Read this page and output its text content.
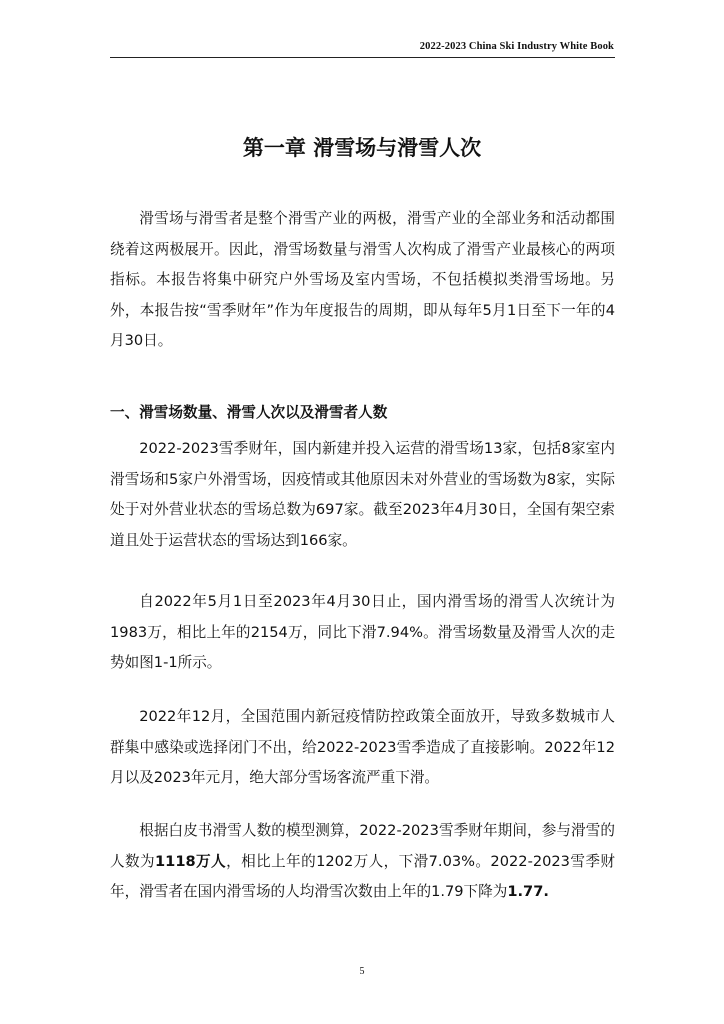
2022-2023 China Ski Industry White Book
第一章 滑雪场与滑雪人次

滑雪场与滑雪者是整个滑雪产业的两极，滑雪产业的全部业务和活动都围绕着这两极展开。因此，滑雪场数量与滑雪人次构成了滑雪产业最核心的两项指标。本报告将集中研究户外雪场及室内雪场，不包括模拟类滑雪场地。另外，本报告按“雪季财年”作为年度报告的周期，即从每年5月1日至下一年的4月30日。

一、滑雪场数量、滑雪人次以及滑雪者人数

2022-2023雪季财年，国内新建并投入运营的滑雪场13家，包括8家室内滑雪场和5家户外滑雪场，因疫情或其他原因未对外营业的雪场数为8家，实际处于对外营业状态的雪场总数为697家。截至2023年4月30日，全国有架空索道且处于运营状态的雪场达到166家。

自2022年5月1日至2023年4月30日止，国内滑雪场的滑雪人次统计为1983万，相比上年的2154万，同比下滑7.94%。滑雪场数量及滑雪人次的走势如图1-1所示。

2022年12月，全国范围内新冠疫情防控政策全面放开，导致多数城市人群集中感染或选择闭门不出，给2022-2023雪季造成了直接影响。2022年12月以及2023年元月，绝大部分雪场客流严重下滑。

根据白皮书滑雪人数的模型测算，2022-2023雪季财年期间，参与滑雪的人数为1118万人，相比上年的1202万人，下滑7.03%。2022-2023雪季财年，滑雪者在国内滑雪场的人均滑雪次数由上年的1.79下降为1.77.

5
